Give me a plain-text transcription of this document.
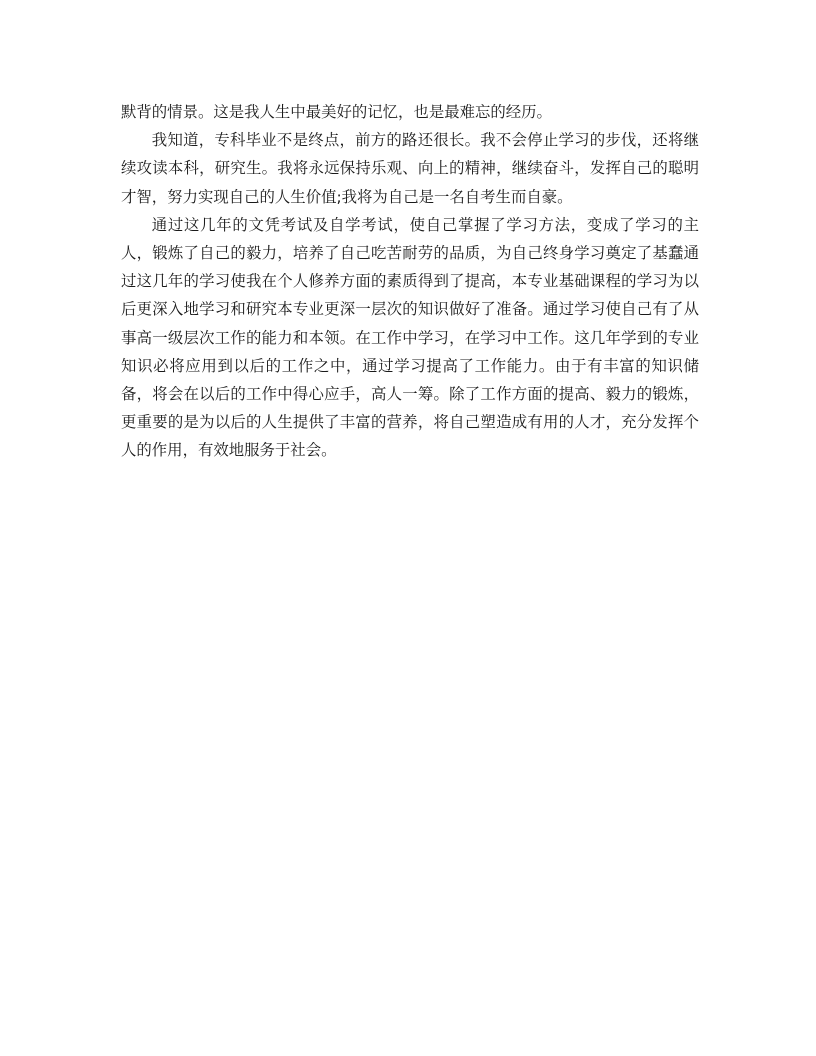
默背的情景。这是我人生中最美好的记忆，也是最难忘的经历。

我知道，专科毕业不是终点，前方的路还很长。我不会停止学习的步伐，还将继续攻读本科，研究生。我将永远保持乐观、向上的精神，继续奋斗，发挥自己的聪明才智，努力实现自己的人生价值;我将为自己是一名自考生而自豪。

通过这几年的文凭考试及自学考试，使自己掌握了学习方法，变成了学习的主人，锻炼了自己的毅力，培养了自己吃苦耐劳的品质，为自己终身学习奠定了基蠢通过这几年的学习使我在个人修养方面的素质得到了提高，本专业基础课程的学习为以后更深入地学习和研究本专业更深一层次的知识做好了准备。通过学习使自己有了从事高一级层次工作的能力和本领。在工作中学习，在学习中工作。这几年学到的专业知识必将应用到以后的工作之中，通过学习提高了工作能力。由于有丰富的知识储备，将会在以后的工作中得心应手，高人一筹。除了工作方面的提高、毅力的锻炼，更重要的是为以后的人生提供了丰富的营养，将自己塑造成有用的人才，充分发挥个人的作用，有效地服务于社会。
